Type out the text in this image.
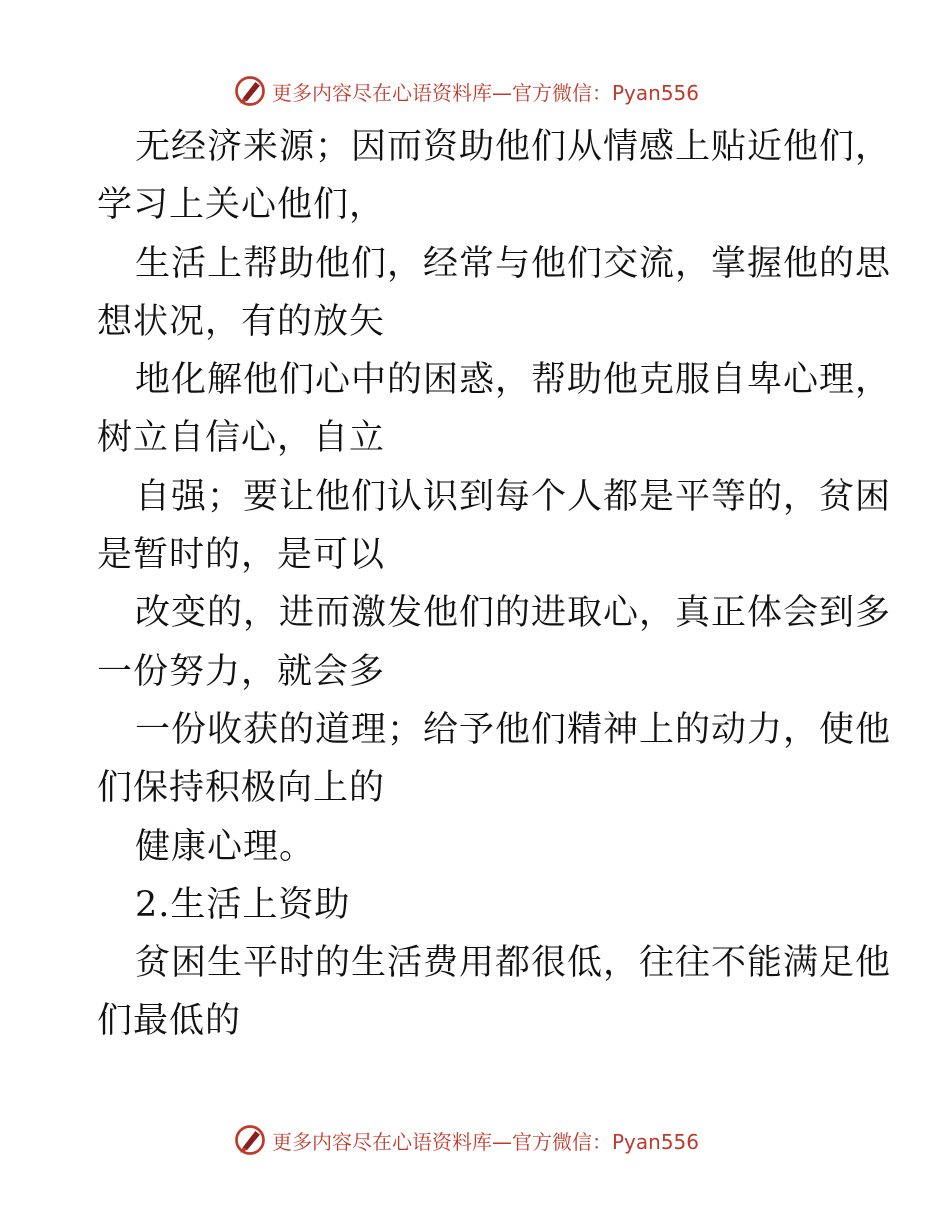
更多内容尽在心语资料库 —官方微信：Pyan556
无经济来源；因而资助他们从情感上贴近他们，
学习上关心他们，
生活上帮助他们，经常与他们交流，掌握他的思
想状况，有的放矢
地化解他们心中的困惑，帮助他克服自卑心理，
树立自信心，自立
自强；要让他们认识到每个人都是平等的，贫困
是暂时的，是可以
改变的，进而激发他们的进取心，真正体会到多
一份努力，就会多
一份收获的道理；给予他们精神上的动力，使他
们保持积极向上的
健康心理。
2.生活上资助
贫困生平时的生活费用都很低，往往不能满足他
们最低的
更多内容尽在心语资料库 —官方微信：Pyan556
